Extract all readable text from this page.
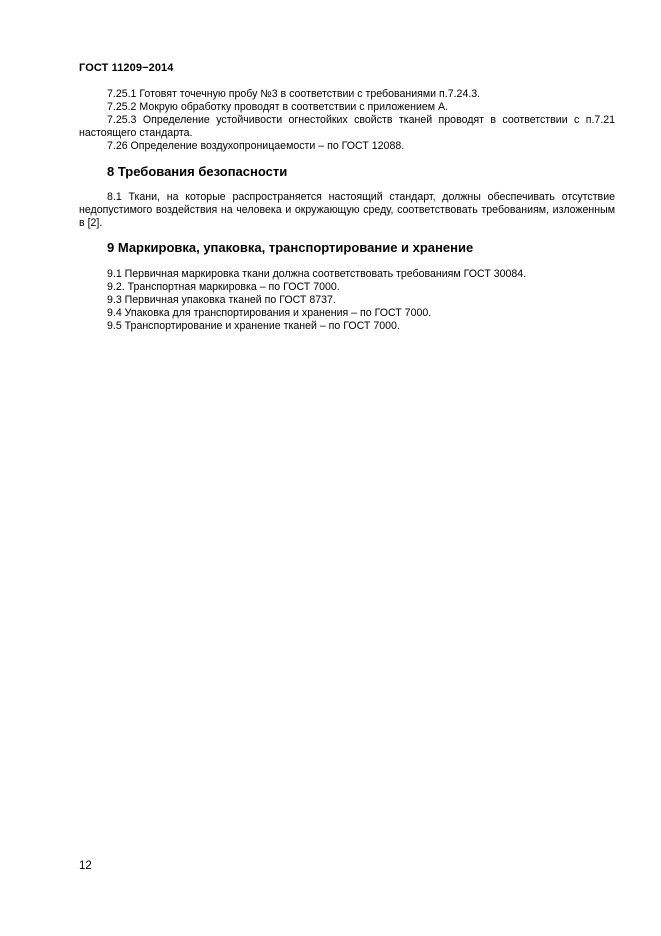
ГОСТ 11209−2014
7.25.1 Готовят точечную пробу №3 в соответствии с требованиями п.7.24.3.
7.25.2 Мокрую обработку проводят в соответствии с приложением А.
7.25.3 Определение устойчивости огнестойких свойств тканей проводят в соответствии с п.7.21 настоящего стандарта.
7.26 Определение воздухопроницаемости – по ГОСТ 12088.
8 Требования безопасности
8.1 Ткани, на которые распространяется настоящий стандарт, должны обеспечивать отсутствие недопустимого воздействия на человека и окружающую среду, соответствовать требованиям, изложенным в [2].
9 Маркировка, упаковка, транспортирование и хранение
9.1 Первичная маркировка ткани должна соответствовать требованиям ГОСТ 30084.
9.2. Транспортная маркировка – по ГОСТ 7000.
9.3 Первичная упаковка тканей по ГОСТ 8737.
9.4 Упаковка для транспортирования и хранения – по ГОСТ 7000.
9.5 Транспортирование и хранение тканей – по ГОСТ 7000.
12
